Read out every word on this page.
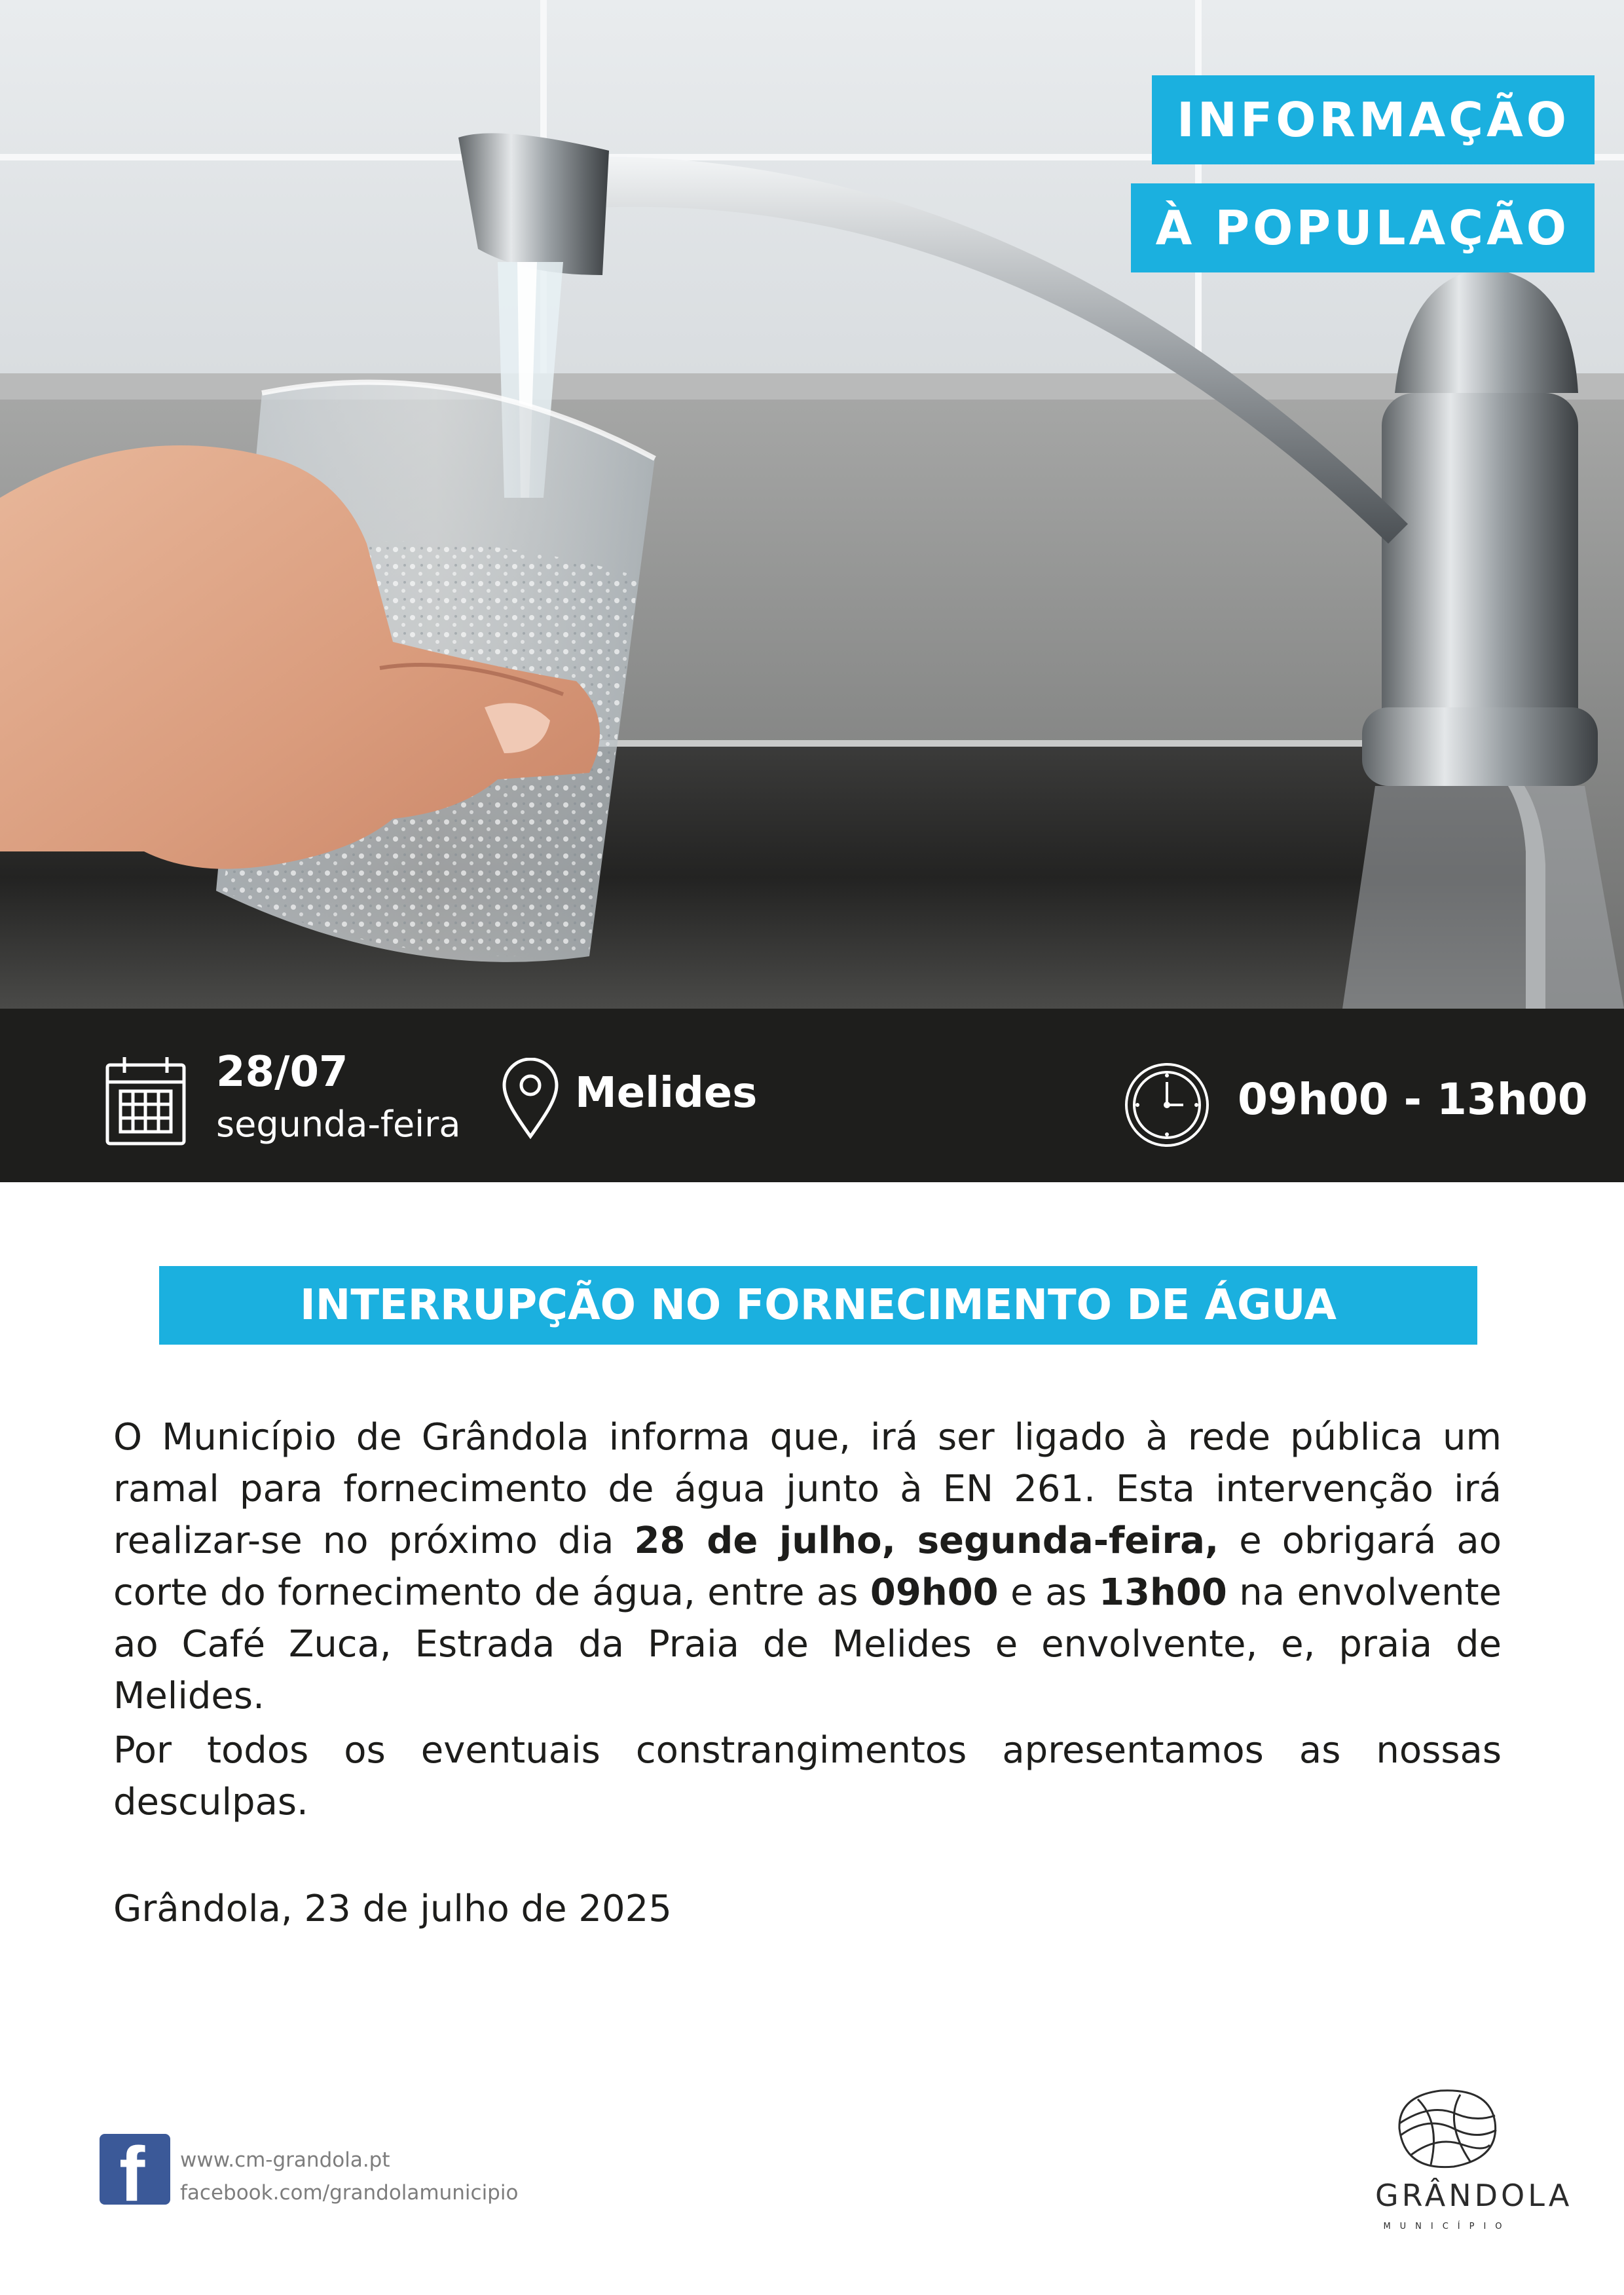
INFORMAÇÃO
À POPULAÇÃO
28/07
segunda-feira
Melides	09h00 - 13h00
INTERRUPÇÃO NO FORNECIMENTO DE ÁGUA
O Município de Grândola informa que, irá ser ligado à rede pública um ramal para fornecimento de água junto à EN 261. Esta intervenção irá realizar-se no próximo dia 28 de julho, segunda-feira, e obrigará ao corte do fornecimento de água, entre as 09h00 e as 13h00 na envolvente ao Café Zuca, Estrada da Praia de Melides e envolvente, e, praia de Melides.
Por todos os eventuais constrangimentos apresentamos as nossas desculpas.
Grândola, 23 de julho de 2025
f www.cm-grandola.pt
facebook.com/grandolamunicipio	GRÂNDOLA
MUNICÍPIO
